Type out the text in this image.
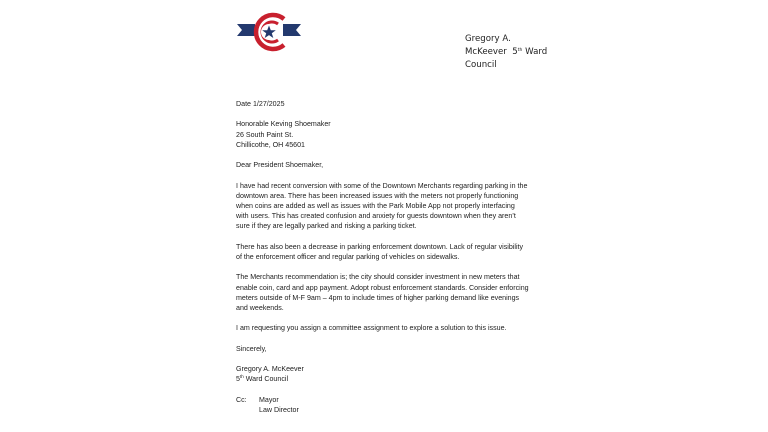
Gregory A.
McKeever 5th Ward
Council

Date 1/27/2025

Honorable Keving Shoemaker
26 South Paint St.
Chillicothe, OH 45601

Dear President Shoemaker,

I have had recent conversion with some of the Downtown Merchants regarding parking in the downtown area. There has been increased issues with the meters not properly functioning when coins are added as well as issues with the Park Mobile App not properly interfacing with users. This has created confusion and anxiety for guests downtown when they aren’t sure if they are legally parked and risking a parking ticket.

There has also been a decrease in parking enforcement downtown. Lack of regular visibility of the enforcement officer and regular parking of vehicles on sidewalks.

The Merchants recommendation is; the city should consider investment in new meters that enable coin, card and app payment. Adopt robust enforcement standards. Consider enforcing meters outside of M-F 9am – 4pm to include times of higher parking demand like evenings and weekends.

I am requesting you assign a committee assignment to explore a solution to this issue.

Sincerely,

Gregory A. McKeever
5th Ward Council

Cc:	Mayor
Law Director
